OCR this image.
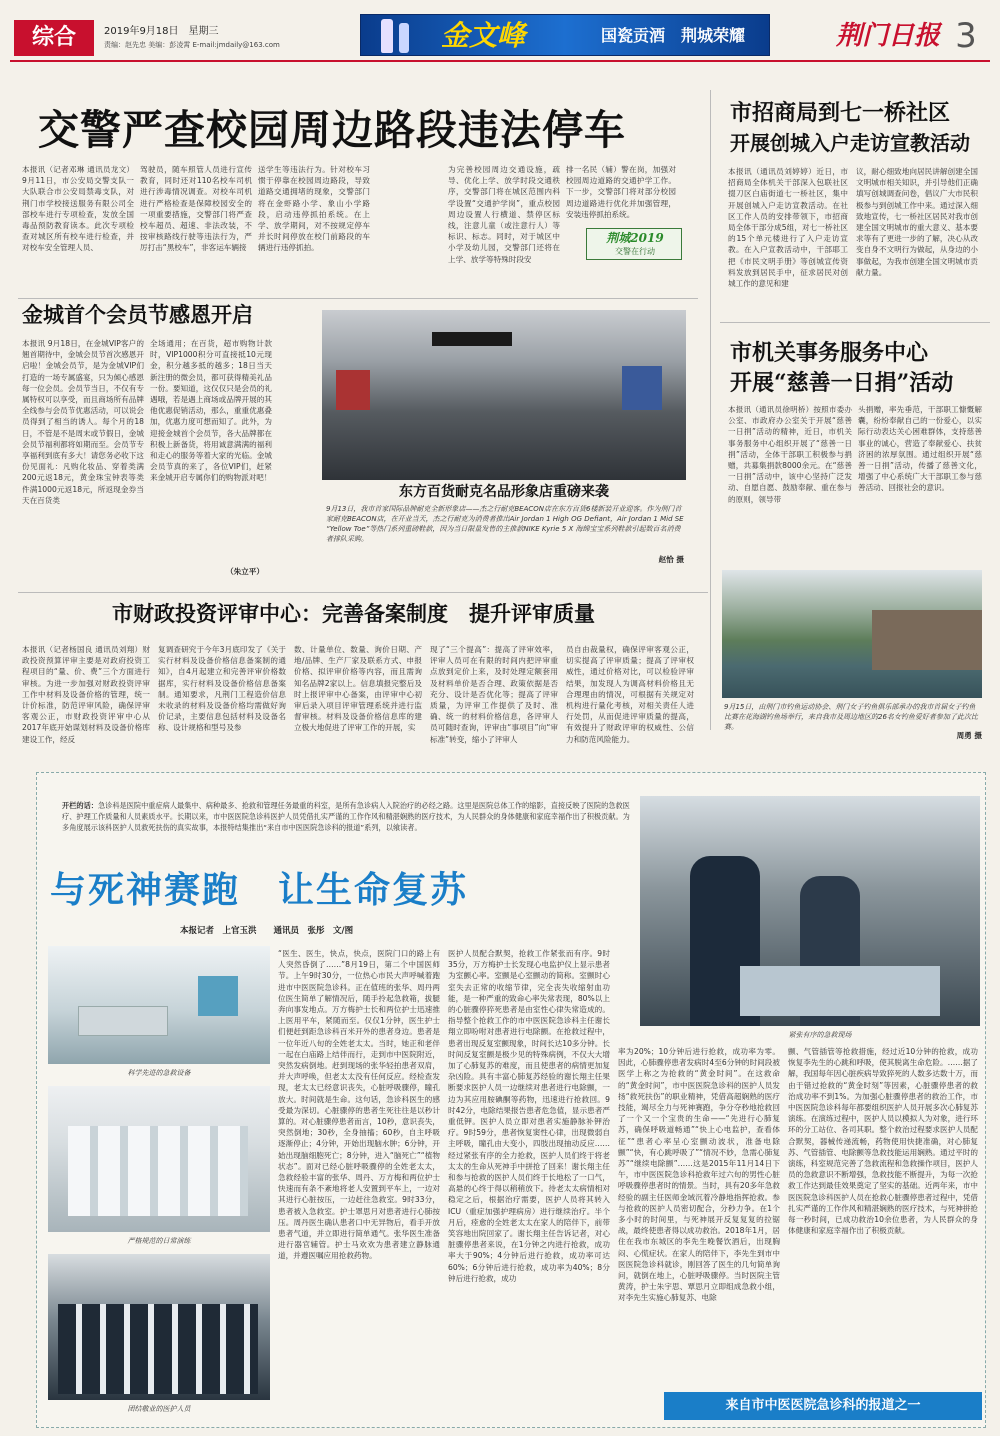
综合	2019年9月18日　星期三
责编：赵先忠 美编：彭凌霄 E-mail:jmdaily@163.com	金文峰	国瓷贡酒　荆城荣耀	荆门日报 3
交警严查校园周边路段违法停车
本报讯（记者邓琳 通讯员龙文）9月11日，市公安局交警支队一大队联合市公安局禁毒支队，对荆门市学校接送服务有限公司全部校车进行专项检查，发放全国毒品预防教育读本。此次专项检查对城区所有校车进行检查，并对校车安全管理人员、
驾驶员，随车照管人员进行宣传教育，同时还对110名校车司机进行涉毒情况调查。对校车司机进行严格检查是保障校园安全的一项重要措施，交警部门将严查校车超员、超速、非法改装，不按审核路线行驶等违法行为，严厉打击“黑校车”，非客运车辆接
送学生等违法行为。针对校车习惯于停靠在校园周边路段，导致道路交通拥堵的现象，交警部门将在金虾路小学、象山小学路段，启动违停抓拍系统。在上学、放学期间，对不按规定停车并长时间停放在校门前路段的车辆进行违停抓拍。
为完善校园周边交通设施，疏导、优化上学、放学时段交通秩序，交警部门将在城区范围内科学设置“交通护学岗”，重点校园周边设置人行横道、禁停区标线，注意儿童（或注意行人）等标识、标志。同时，对于城区中小学及幼儿园，交警部门还将在上学、放学等特殊时段安
排一名民（辅）警在岗，加强对校园周边道路的交通护学工作。下一步，交警部门将对部分校园周边道路进行优化并加强管理，安装违停抓拍系统。
荆城2019
交警在行动
市招商局到七一桥社区
开展创城入户走访宣教活动
本报讯（通讯员刘婷婷）近日，市招商局全体机关干部深入包联社区掇刀区白庙街道七一桥社区，集中开展创城入户走访宣教活动。在社区工作人员的安排带领下，市招商局全体干部分成5组，对七一桥社区的15个单元楼进行了入户走访宣教。在入户宣教活动中，干部耶工把《市民文明手册》等创城宣传资料发放到居民手中，征求居民对创城工作的意见和建
议，耐心细致地向居民讲解创建全国文明城市相关知识，并引导他们正确填写创城调查问卷，倡议广大市民积极参与到创城工作中来。通过深入细致地宣传，七一桥社区居民对我市创建全国文明城市的重大意义、基本要求等有了更进一步的了解，决心从改变自身不文明行为做起，从身边的小事做起，为我市创建全国文明城市贡献力量。
金城首个会员节感恩开启
本报讯 9月18日，在金城VIP客户的翘首期待中，金城会员节首次感恩开启啦！金城会员节，是为金城VIP们打造的一场专属盛宴，只为倾心感恩每一位会员。会员节当日，不仅有专属特权可以享受，而且商场所有品牌全线参与会员节优惠活动，可以说会员得到了相当的诱人。每个月的18日，不管是不是周末或节假日，金城会员节福利都将如期而至。会员节专享福利到底有多大！请您务必收下这份见面礼：凡购化妆品、穿着类满200元返18元，黄金珠宝钟表等类件满1000元返18元，所返现金券当天在百货类
全场通用；在百货，超市购物计款时，VIP1000积分可直接抵10元现金，积分越多抵的越多；18日当天新注册的微会员，都可获得精美礼品一份。要知道，这仅仅只是会员的礼遇哦，若是遇上商场或品牌开展的其他优惠促销活动，那么，重重优惠叠加，优惠力度可想而知了。此外，为迎接金城首个会员节，各大品牌都在积极上新备货，将用诚意满满的福利和走心的服务等着大家的光临。金城会员节真的来了，各位VIP们，赶紧来金城开启专属你们的购物派对吧！
（朱立平）
东方百货耐克名品形象店重磅来袭
9月13日，我市首家国际品牌耐克全新形象店——杰之行耐克BEACON店在东方百货6楼新装开业迎客。作为荆门首家耐克BEACON店，在开业当天，杰之行耐克为消费者推出Air Jordan 1 High OG Defiant，Air Jordan 1 Mid SE “Yellow Toe”等热门系列重磅鞋款，因为当日限量发售的主推款NIKE Kyrie 5 X 海绵宝宝系列鞋款引起数百名消费者排队采购。
赵恰 摄
市机关事务服务中心
开展“慈善一日捐”活动
本报讯（通讯员徐明桥）按照市委办公室、市政府办公室关于开展“慈善一日捐”活动的精神，近日，市机关事务服务中心组织开展了“慈善一日捐”活动，全体干部职工积极参与捐赠，共募集捐款8000余元。在“慈善一日捐”活动中，该中心坚持广泛发动、自愿自愿、鼓励奉献、重在参与的原则，领导带
头捐赠，率先垂范，干部职工慷慨解囊，纷纷奉献自己的一份爱心，以实际行动表达关心困难群体，支持慈善事业的诚心，营造了奉献爱心、扶贫济困的浓厚氛围。通过组织开展“慈善一日捐”活动，传播了慈善文化，增强了中心系统广大干部职工参与慈善活动、回报社会的意识。
9月15日，由荆门市钓鱼运动协会、荆门女子钓鱼俱乐部承办的我市首届女子钓鱼比赛在花海湖钓鱼场举行，来自我市及周边地区的26名女钓鱼爱好者参加了此次比赛。
周勇 摄
市财政投资评审中心：完善备案制度　提升评审质量
本报讯（记者杨国良 通讯员刘翔）财政投资预算评审主要是对政府投资工程项目的“量、价、费”三个方面进行审核。为进一步加强对财政投资评审工作中材料及设备价格的管理，统一计价标准，防范评审风险，确保评审客观公正，市财政投资评审中心从2017年底开始谋划材料及设备价格库建设工作，经反
复调查研究于今年3月底印发了《关于实行材料及设备价格信息备案制的通知》，自4月起建立和完善评审价格数据库，实行材料及设备价格信息备案制。通知要求，凡荆门工程造价信息未收录的材料及设备价格均需做好询价记录，主要信息包括材料及设备名称、设计规格和型号及参
数、计量单位、数量、询价日期、产地/品牌、生产厂家及联系方式、申报价格、拟评审价格等内容，而且需询知名品牌2家以上。信息填报完整后及时上报评审中心备案，由评审中心初审后录入项目评审管理系统并进行监督审核。材料及设备价格信息库的建立极大地促进了评审工作的开展，实
现了“三个提高”：提高了评审效率，评审人员可在有限的时间内把评审重点放到定价上来，及时处理定额套用及材料单价是否合理、政策依据是否充分、设计是否优化等；提高了评审质量，为评审工作提供了及时、准确、统一的材料价格信息，各评审人员可随时查询，评审由“事项目”向“审标准”转变，缩小了评审人
员自由裁量权，确保评审客观公正，切实提高了评审质量；提高了评审权威性，通过价格对比，可以检验评审结果，加发现人为调高材料价格且无合理理由的情况，可根据有关规定对机构进行量化考核，对相关责任人进行处罚，从而促进评审质量的提高，有效提升了财政评审的权威性、公信力和防范风险能力。
开栏的话：急诊科是医院中重症病人最集中、病种最多、抢救和管理任务最重的科室，是所有急诊病人入院治疗的必经之路。这里是医院总体工作的缩影，直接反映了医院的急救医疗、护理工作质量和人员素质水平。长期以来，市中医医院急诊科医护人员凭借扎实严谨的工作作风和精湛娴熟的医疗技术，为人民群众的身体健康和家庭幸福作出了积极贡献。为多角度展示该科医护人员救死扶伤的真实故事，本报特结集推出“来自市中医医院急诊科的报道”系列，以飨读者。
与死神赛跑　让生命复苏
本报记者　上官玉洪　　通讯员　张彤　文/图
紧张有序的急救现场
科学先进的急救设备
严格规范的日常演练
团结敬业的医护人员
“医生、医生，快点，快点，医院门口的路上有人突然昏倒了……”8月19日，第二个中国医师节。上午9时30分，一位热心市民大声呼喊着跑进市中医医院急诊科。正在值班的张华、周丹两位医生简单了解情况后，随手拎起急救箱，拔腿奔向事发地点。万方梅护士长和两位护士迅速推上医用平车，紧随而至。仅仅1分钟，医生护士们便赶到距急诊科百米开外的患者身边。患者是一位年近八旬的全姓老太太。当时，她正和老伴一起在白庙路上结伴而行，走到市中医院附近，突然发病倒地。赶到现场的张华轻拍患者双肩，并大声呼唤，但老太太没有任何反应。经检查发现，老太太已经意识丧失，心脏呼吸骤停，瞳孔放大。时间就是生命。这句话，急诊科医生的感受最为深切。心脏骤停的患者生死往往是以秒计算的。对心脏骤停患者而言，10秒，意识丧失，突然倒地；30秒，全身抽搐；60秒，自主呼吸逐渐停止；4分钟，开始出现脑水肿；6分钟，开始出现脑细胞死亡；8分钟，进入“脑死亡”“植物状态”。面对已经心脏呼吸骤停的全姓老太太，急救经验丰富的张华、周丹、万方梅和两位护士快速而有条不紊地将老人安置到平车上，一边对其进行心脏按压，一边赶往急救室。9时33分，患者被入急救室。护士罩思月对患者进行心肺按压。周丹医生确认患者口中无异物后，看手开放患者气道，并立即进行简单通气。张华医生准备进行器官辅管。护士马欢欢为患者建立静脉通道，并遵医嘱应用抢救药物。
医护人员配合默契，抢救工作紧张而有序。9时35分，万方梅护士长发现心电监护仪上显示患者为室颤心率。室颤是心室颤动的简称。室颤时心室失去正常的收缩节律，完全丧失收缩射血功能，是一种严重的致命心率失常表现，80%以上的心脏骤停猝死患者是由室性心律失常造成的。指导整个抢救工作的市中医医院急诊科主任谢长翔立即吩咐对患者进行电除颤。在抢救过程中，患者出现反复室颤现象，时间长达10多分钟。长时间反复室颤是极少见的特殊病例，不仅大大增加了心肺复苏的难度，而且使患者的病情更加复杂凶险。具有丰富心肺复苏经验的谢长翔主任果断要求医护人员一边继续对患者进行电除颤，一边为其应用胺碘酮等药物，迅速进行抢救回。9时42分，电除结果报告患者危急值，显示患者严重低钾。医护人员立即对患者实施静脉补钾治疗。9时59分，患者恢复窦性心律，出现微弱自主呼吸，瞳孔由大变小，四肢出现抽动反应……经过紧张有序的全力抢救，医护人员们终于将老太太的生命从死神手中拼抢了回来！谢长翔主任和参与抢救的医护人员们终于长地松了一口气，高悬的心终于得以稍稍放下。待老太太病情相对稳定之后，根据治疗需要，医护人员将其转入ICU（重症加强护理病房）进行继续治疗。半个月后，痊愈的全姓老太太在家人的陪伴下，前带笑容地出院回家了。谢长翔主任告诉记者，对心脏骤停患者来说，在1分钟之内进行抢救，成功率大于90%；4分钟后进行抢救，成功率可达60%；6分钟后进行抢救，成功率为40%；8分钟后进行抢救，成功
率为20%；10分钟后进行抢救，成功率为零。因此，心肺骤停患者发病时4至6分钟的时间段被医学上称之为抢救的“黄金时间”。在这救命的“黄金时间”，市中医医院急诊科的医护人员发扬“救死扶伤”的职业精神，凭借高超娴熟的医疗技能，竭尽全力与死神赛跑，争分夺秒地抢救回了一个又一个宝贵的生命——“先进行心肺复苏，确保呼吸道畅通”“快上心电监护，查看体征”“患者心率呈心室颤动波状，准备电除颤”“快，有心跳呼吸了”“情况不妙，急需心肺复苏”“继续电除颤”……这是2015年11月14日下午，市中医医院急诊科抢救年过六旬的男性心脏呼吸骤停患者时的情景。当时，具有20多年急救经验的副主任医师金域沉着冷静地指挥抢救。参与抢救的医护人员密切配合，分秒力争。在1个多小时的时间里，与死神展开反复复复的拉锯战，最终使患者得以成功救治。2018年1月，居住在我市东城区的李先生晚餐饮酒后，出现胸闷、心慌症状。在家人的陪伴下，李先生到市中医医院急诊科就诊，刚回答了医生的几句简单询问，就倒在地上，心脏呼吸骤停。当时医院主管黄涛，护士朱宇思、覃思月立即组成急救小组，对李先生实施心肺复苏、电除
颤、气管插管等抢救措施，经过近10分钟的抢救，成功恢复李先生的心跳和呼吸，使其脱离生命危险。……据了解，我国每年因心脏疾病导致猝死的人数多达数十万，而由于错过抢救的“黄金时刻”等因素，心脏骤停患者的救治成功率不到1%。为加强心脏骤停患者的救治工作，市中医医院急诊科每年都要组织医护人员开展多次心肺复苏演练。在演练过程中，医护人员以模拟人为对象，进行环环的分工站位、各司其职。整个救治过程要求医护人员配合默契，器械传递流畅，药物使用快捷准确，对心肺复苏、气管插管、电除颤等急救技能运用娴熟。通过平时的演练，科室规范完善了急救流程和急救操作项目，医护人员的急救意识不断增强，急救技能不断提升，为每一次抢救工作达到最佳效果奠定了坚实的基础。近两年来，市中医医院急诊科医护人员在抢救心脏骤停患者过程中，凭借扎实严谨的工作作风和精湛娴熟的医疗技术，与死神拼抢每一秒时间，已成功救治10余位患者，为人民群众的身体健康和家庭幸福作出了积极贡献。
来自市中医医院急诊科的报道之一
